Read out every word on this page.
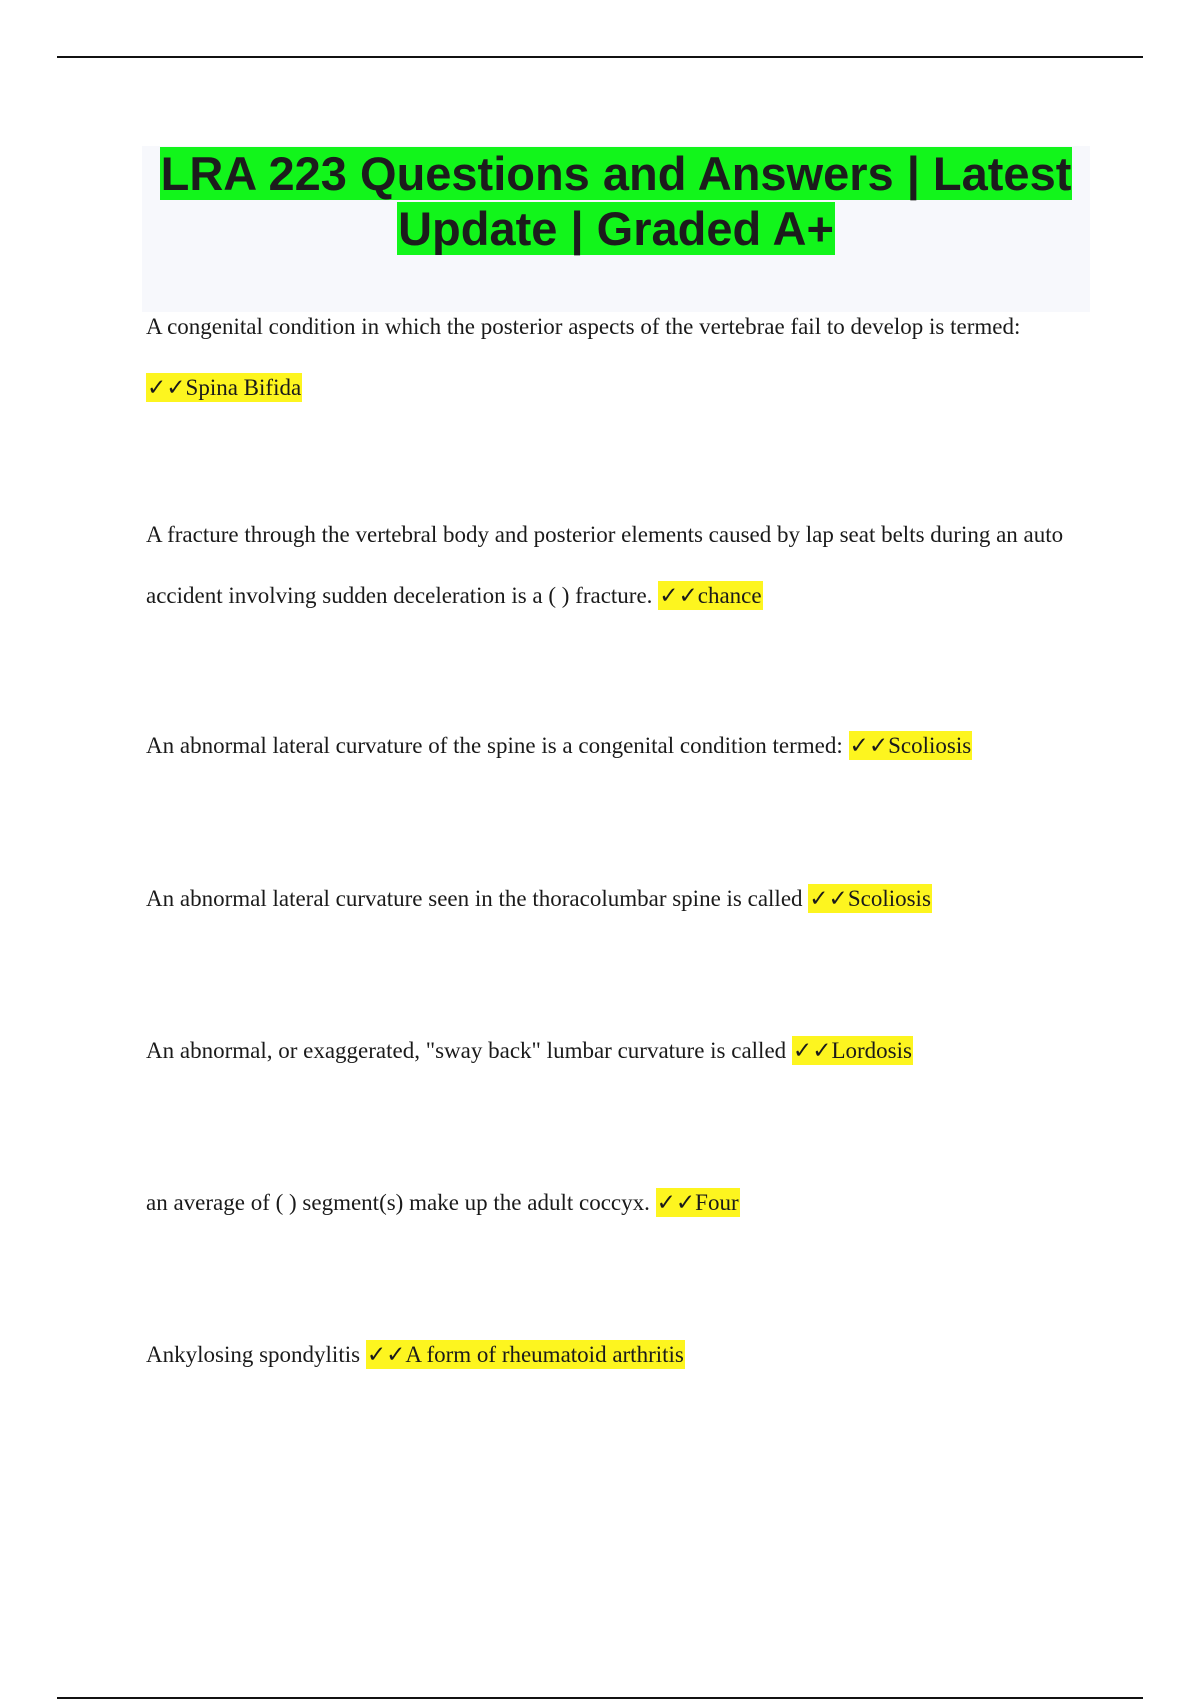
LRA 223 Questions and Answers | Latest
Update | Graded A+
A congenital condition in which the posterior aspects of the vertebrae fail to develop is termed:
✓✓Spina Bifida
A fracture through the vertebral body and posterior elements caused by lap seat belts during an auto accident involving sudden deceleration is a ( ) fracture. ✓✓chance
An abnormal lateral curvature of the spine is a congenital condition termed: ✓✓Scoliosis
An abnormal lateral curvature seen in the thoracolumbar spine is called ✓✓Scoliosis
An abnormal, or exaggerated, "sway back" lumbar curvature is called ✓✓Lordosis
an average of ( ) segment(s) make up the adult coccyx. ✓✓Four
Ankylosing spondylitis ✓✓A form of rheumatoid arthritis
